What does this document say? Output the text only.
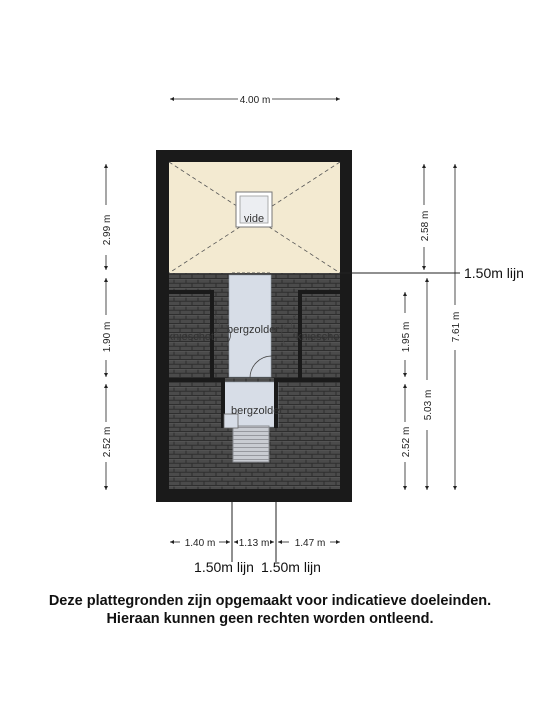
vide
bergzolder
bergzolder
knieschot	knieschot
4.00 m
2.99 m
1.90 m
2.52 m
2.58 m
1.95 m
2.52 m
5.03 m
7.61 m
1.50m lijn
1.40 m 1.13 m	1.47 m
1.50m lijn 1.50m lijn
Deze plattegronden zijn opgemaakt voor indicatieve doeleinden.
Hieraan kunnen geen rechten worden ontleend.
